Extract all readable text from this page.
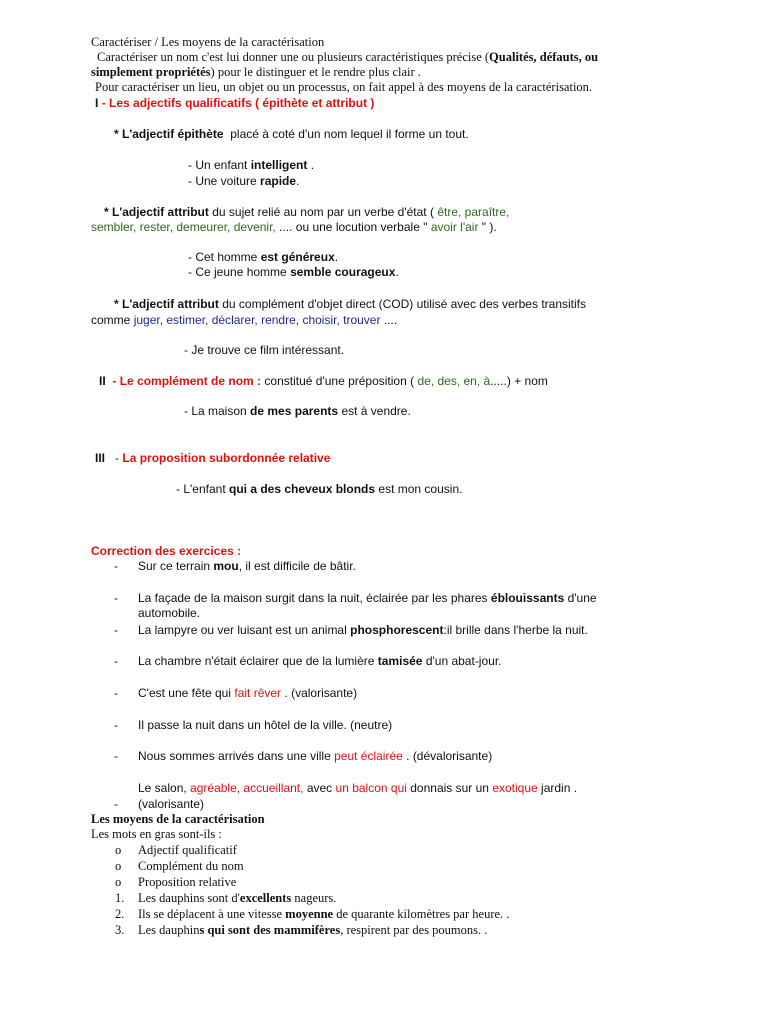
Caractériser / Les moyens de la caractérisation
Caractériser un nom c'est lui donner une ou plusieurs caractéristiques précise (Qualités, défauts, ou
simplement propriétés) pour le distinguer et le rendre plus clair .
Pour caractériser un lieu, un objet ou un processus, on fait appel à des moyens de la caractérisation.
I - Les adjectifs qualificatifs ( épithète et attribut )
* L'adjectif épithète placé à coté d'un nom lequel il forme un tout.
- Un enfant intelligent .
- Une voiture rapide.
* L'adjectif attribut du sujet relié au nom par un verbe d'état ( être, paraître,
sembler, rester, demeurer, devenir, .... ou une locution verbale " avoir l'air " ).
- Cet homme est généreux.
- Ce jeune homme semble courageux.
* L'adjectif attribut du complément d'objet direct (COD) utilisé avec des verbes transitifs
comme juger, estimer, déclarer, rendre, choisir, trouver ....
- Je trouve ce film intéressant.
II - Le complément de nom : constitué d'une préposition ( de, des, en, à.....) + nom
- La maison de mes parents est à vendre.
III - La proposition subordonnée relative
- L'enfant qui a des cheveux blonds est mon cousin.
Correction des exercices :
- Sur ce terrain mou, il est difficile de bâtir.
- La façade de la maison surgit dans la nuit, éclairée par les phares éblouissants d'une
automobile.
- La lampyre ou ver luisant est un animal phosphorescent:il brille dans l'herbe la nuit.
- La chambre n'était éclairer que de la lumière tamisée d'un abat-jour.
- C'est une fête qui fait rêver . (valorisante)
- Il passe la nuit dans un hôtel de la ville. (neutre)
- Nous sommes arrivés dans une ville peut éclairée . (dévalorisante)
Le salon, agréable, accueillant, avec un balcon qui donnais sur un exotique jardin .
- (valorisante)
Les moyens de la caractérisation
Les mots en gras sont-ils :
o Adjectif qualificatif
o Complément du nom
o Proposition relative
1. Les dauphins sont d'excellents nageurs.
2. Ils se déplacent à une vitesse moyenne de quarante kilomètres par heure. .
3. Les dauphins qui sont des mammifères, respirent par des poumons. .
